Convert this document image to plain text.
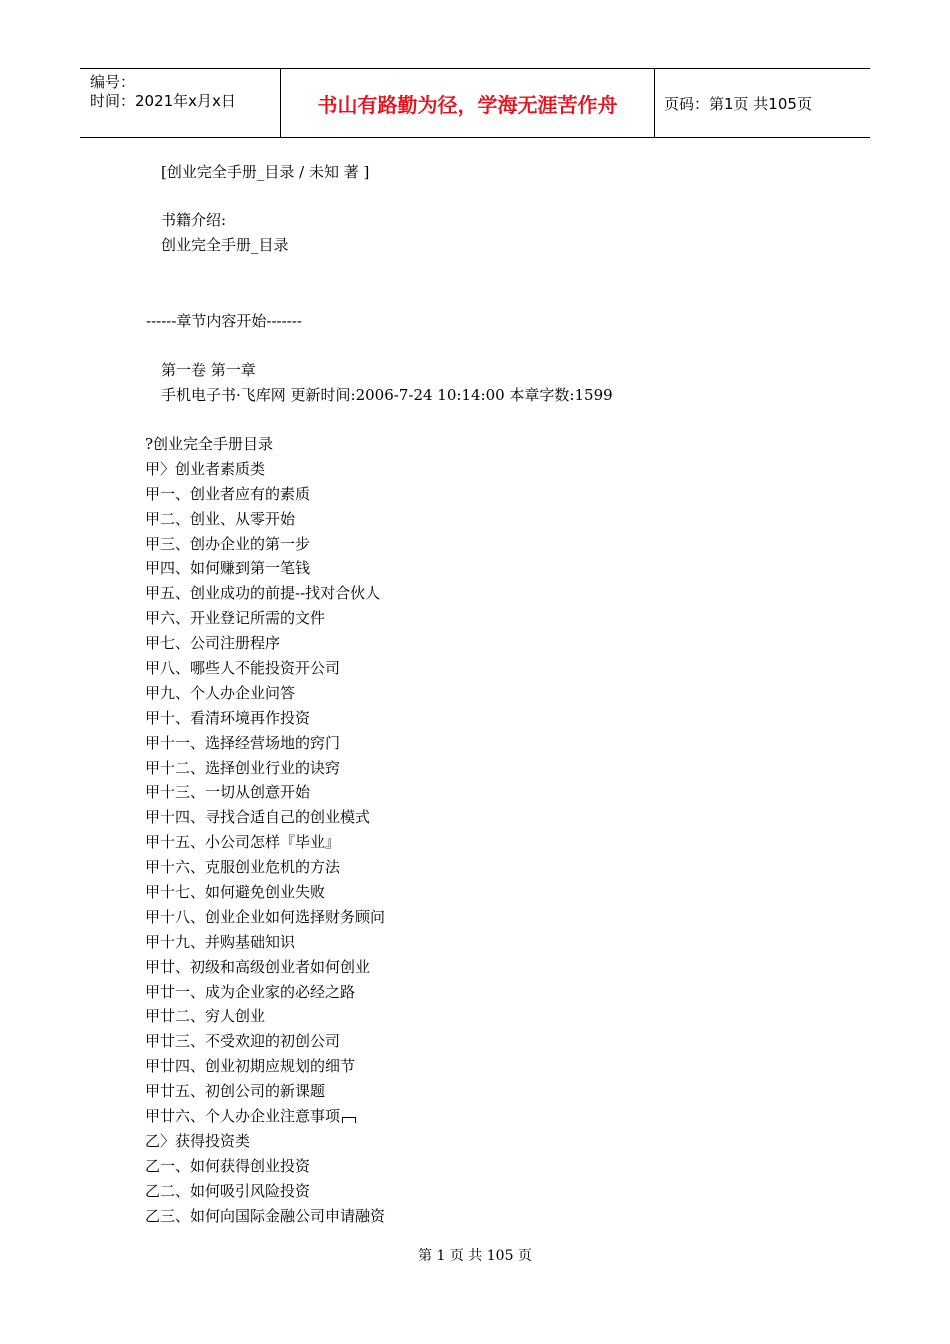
编号：
时间：2021年x月x日	书山有路勤为径，学海无涯苦作舟	页码：第1页 共105页
[创业完全手册_目录 / 未知 著 ]
书籍介绍:
创业完全手册_目录
------章节内容开始-------
第一卷 第一章
手机电子书·飞库网 更新时间:2006-7-24 10:14:00 本章字数:1599
?创业完全手册目录
甲〉创业者素质类
甲一、创业者应有的素质
甲二、创业、从零开始
甲三、创办企业的第一步
甲四、如何赚到第一笔钱
甲五、创业成功的前提--找对合伙人
甲六、开业登记所需的文件
甲七、公司注册程序
甲八、哪些人不能投资开公司
甲九、个人办企业问答
甲十、看清环境再作投资
甲十一、选择经营场地的窍门
甲十二、选择创业行业的诀窍
甲十三、一切从创意开始
甲十四、寻找合适自己的创业模式
甲十五、小公司怎样『毕业』
甲十六、克服创业危机的方法
甲十七、如何避免创业失败
甲十八、创业企业如何选择财务顾问
甲十九、并购基础知识
甲廿、初级和高级创业者如何创业
甲廿一、成为企业家的必经之路
甲廿二、穷人创业
甲廿三、不受欢迎的初创公司
甲廿四、创业初期应规划的细节
甲廿五、初创公司的新课题
甲廿六、个人办企业注意事项
乙〉获得投资类
乙一、如何获得创业投资
乙二、如何吸引风险投资
乙三、如何向国际金融公司申请融资
第 1 页 共 105 页
